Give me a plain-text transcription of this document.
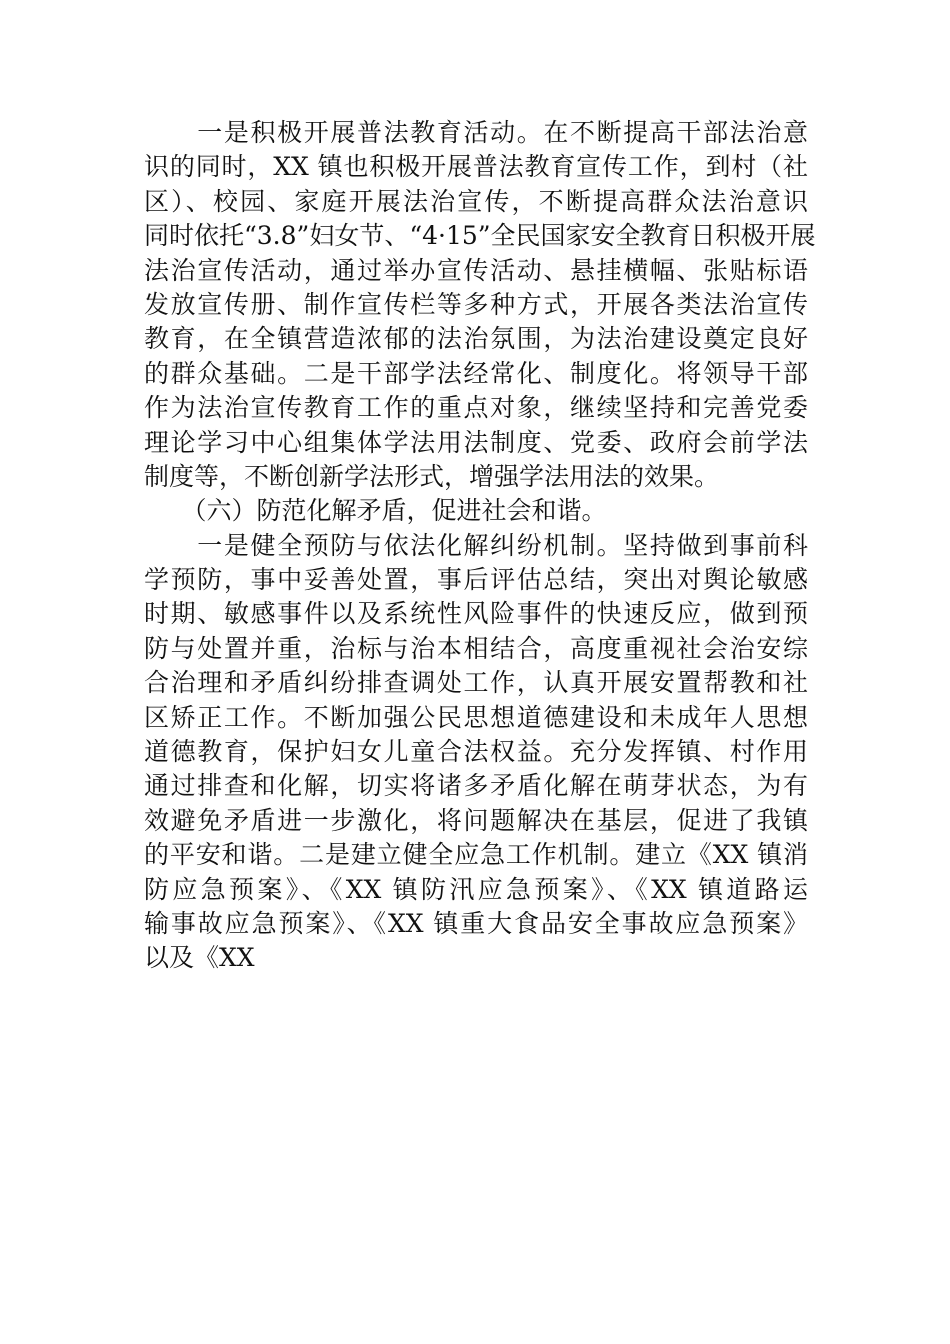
　　一是积极开展普法教育活动。在不断提高干部法治意
识的同时，XX 镇也积极开展普法教育宣传工作，到村（社
区）、校园、家庭开展法治宣传，不断提高群众法治意识
同时依托“3.8”妇女节、“4·15”全民国家安全教育日积极开展
法治宣传活动，通过举办宣传活动、悬挂横幅、张贴标语
发放宣传册、制作宣传栏等多种方式，开展各类法治宣传
教育，在全镇营造浓郁的法治氛围，为法治建设奠定良好
的群众基础。二是干部学法经常化、制度化。将领导干部
作为法治宣传教育工作的重点对象，继续坚持和完善党委
理论学习中心组集体学法用法制度、党委、政府会前学法
制度等，不断创新学法形式，增强学法用法的效果。
　　（六）防范化解矛盾，促进社会和谐。
　　一是健全预防与依法化解纠纷机制。坚持做到事前科
学预防，事中妥善处置，事后评估总结，突出对舆论敏感
时期、敏感事件以及系统性风险事件的快速反应，做到预
防与处置并重，治标与治本相结合，高度重视社会治安综
合治理和矛盾纠纷排查调处工作，认真开展安置帮教和社
区矫正工作。不断加强公民思想道德建设和未成年人思想
道德教育，保护妇女儿童合法权益。充分发挥镇、村作用
通过排查和化解，切实将诸多矛盾化解在萌芽状态，为有
效避免矛盾进一步激化，将问题解决在基层，促进了我镇
的平安和谐。二是建立健全应急工作机制。建立《XX 镇消
防应急预案》、《XX 镇防汛应急预案》、《XX 镇道路运
输事故应急预案》、《XX 镇重大食品安全事故应急预案》
以及《XX
